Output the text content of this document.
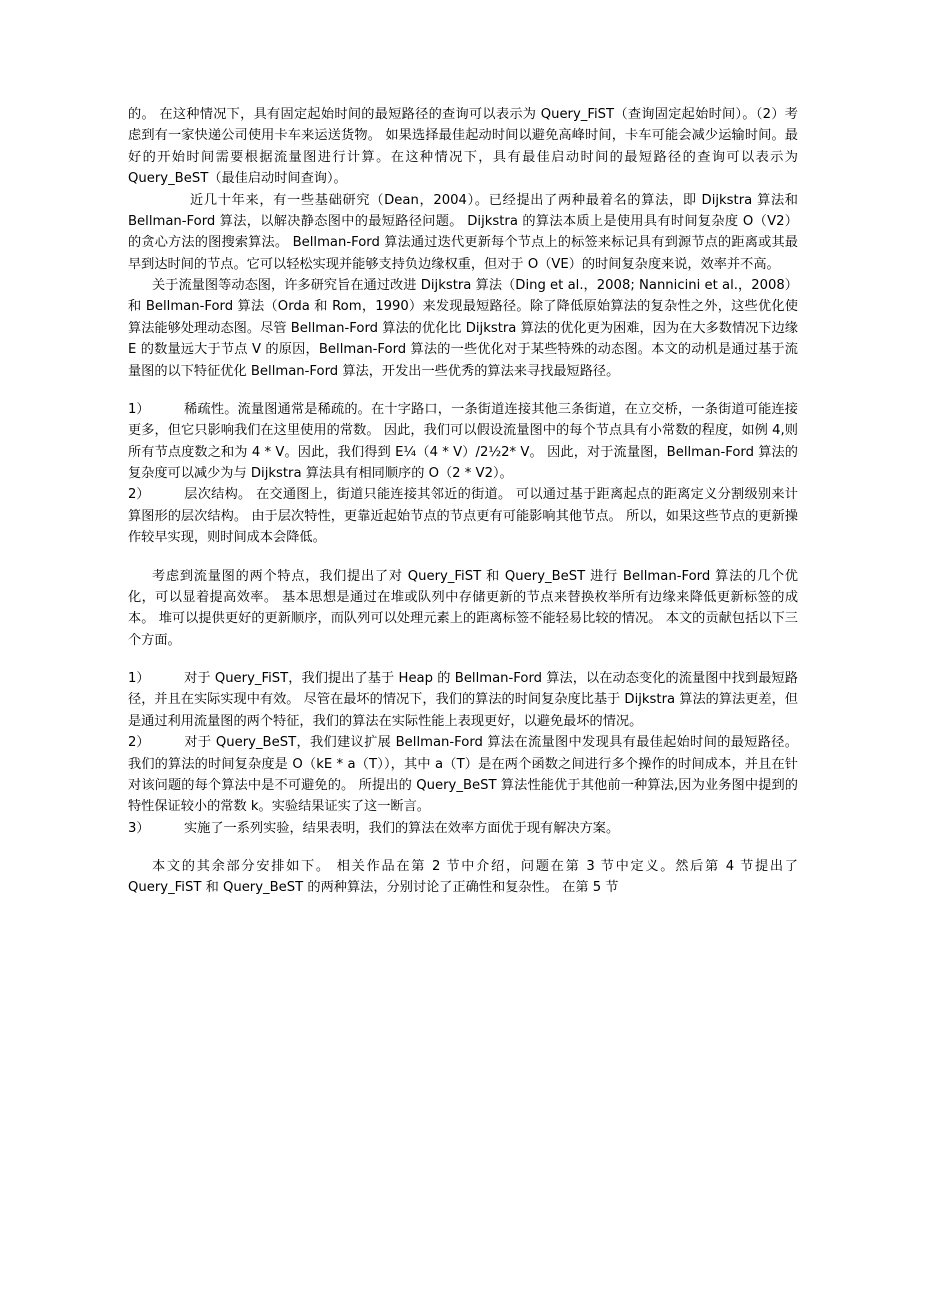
的。 在这种情况下，具有固定起始时间的最短路径的查询可以表示为 Query_FiST（查询固定起始时间）。（2）考虑到有一家快递公司使用卡车来运送货物。 如果选择最佳起动时间以避免高峰时间，卡车可能会减少运输时间。最好的开始时间需要根据流量图进行计算。在这种情况下，具有最佳启动时间的最短路径的查询可以表示为 Query_BeST（最佳启动时间查询）。

近几十年来，有一些基础研究（Dean，2004）。已经提出了两种最着名的算法，即 Dijkstra 算法和 Bellman-Ford 算法，以解决静态图中的最短路径问题。 Dijkstra 的算法本质上是使用具有时间复杂度 O（V2）的贪心方法的图搜索算法。 Bellman-Ford 算法通过迭代更新每个节点上的标签来标记具有到源节点的距离或其最早到达时间的节点。它可以轻松实现并能够支持负边缘权重，但对于 O（VE）的时间复杂度来说，效率并不高。

关于流量图等动态图，许多研究旨在通过改进 Dijkstra 算法（Ding et al.，2008; Nannicini et al.，2008）和 Bellman-Ford 算法（Orda 和 Rom，1990）来发现最短路径。除了降低原始算法的复杂性之外，这些优化使算法能够处理动态图。尽管 Bellman-Ford 算法的优化比 Dijkstra 算法的优化更为困难，因为在大多数情况下边缘 E 的数量远大于节点 V 的原因，Bellman-Ford 算法的一些优化对于某些特殊的动态图。本文的动机是通过基于流量图的以下特征优化 Bellman-Ford 算法，开发出一些优秀的算法来寻找最短路径。

1）	稀疏性。流量图通常是稀疏的。在十字路口，一条街道连接其他三条街道，在立交桥，一条街道可能连接更多，但它只影响我们在这里使用的常数。 因此，我们可以假设流量图中的每个节点具有小常数的程度，如例 4,则所有节点度数之和为 4 * V。因此，我们得到 E¼（4 * V）/2½2* V。 因此，对于流量图，Bellman-Ford 算法的复杂度可以减少为与 Dijkstra 算法具有相同顺序的 O（2 * V2）。

2）	层次结构。 在交通图上，街道只能连接其邻近的街道。 可以通过基于距离起点的距离定义分割级别来计算图形的层次结构。 由于层次特性，更靠近起始节点的节点更有可能影响其他节点。 所以，如果这些节点的更新操作较早实现，则时间成本会降低。

考虑到流量图的两个特点，我们提出了对 Query_FiST 和 Query_BeST 进行 Bellman-Ford 算法的几个优化，可以显着提高效率。 基本思想是通过在堆或队列中存储更新的节点来替换枚举所有边缘来降低更新标签的成本。 堆可以提供更好的更新顺序，而队列可以处理元素上的距离标签不能轻易比较的情况。 本文的贡献包括以下三个方面。

1）	对于 Query_FiST，我们提出了基于 Heap 的 Bellman-Ford 算法，以在动态变化的流量图中找到最短路径，并且在实际实现中有效。 尽管在最坏的情况下，我们的算法的时间复杂度比基于 Dijkstra 算法的算法更差，但是通过利用流量图的两个特征，我们的算法在实际性能上表现更好，以避免最坏的情况。

2）	对于 Query_BeST，我们建议扩展 Bellman-Ford 算法在流量图中发现具有最佳起始时间的最短路径。 我们的算法的时间复杂度是 O（kE * a（T）），其中 a（T）是在两个函数之间进行多个操作的时间成本，并且在针对该问题的每个算法中是不可避免的。 所提出的 Query_BeST 算法性能优于其他前一种算法,因为业务图中提到的特性保证较小的常数 k。实验结果证实了这一断言。

3）	实施了一系列实验，结果表明，我们的算法在效率方面优于现有解决方案。

本文的其余部分安排如下。 相关作品在第 2 节中介绍，问题在第 3 节中定义。然后第 4 节提出了 Query_FiST 和 Query_BeST 的两种算法，分别讨论了正确性和复杂性。 在第 5 节
